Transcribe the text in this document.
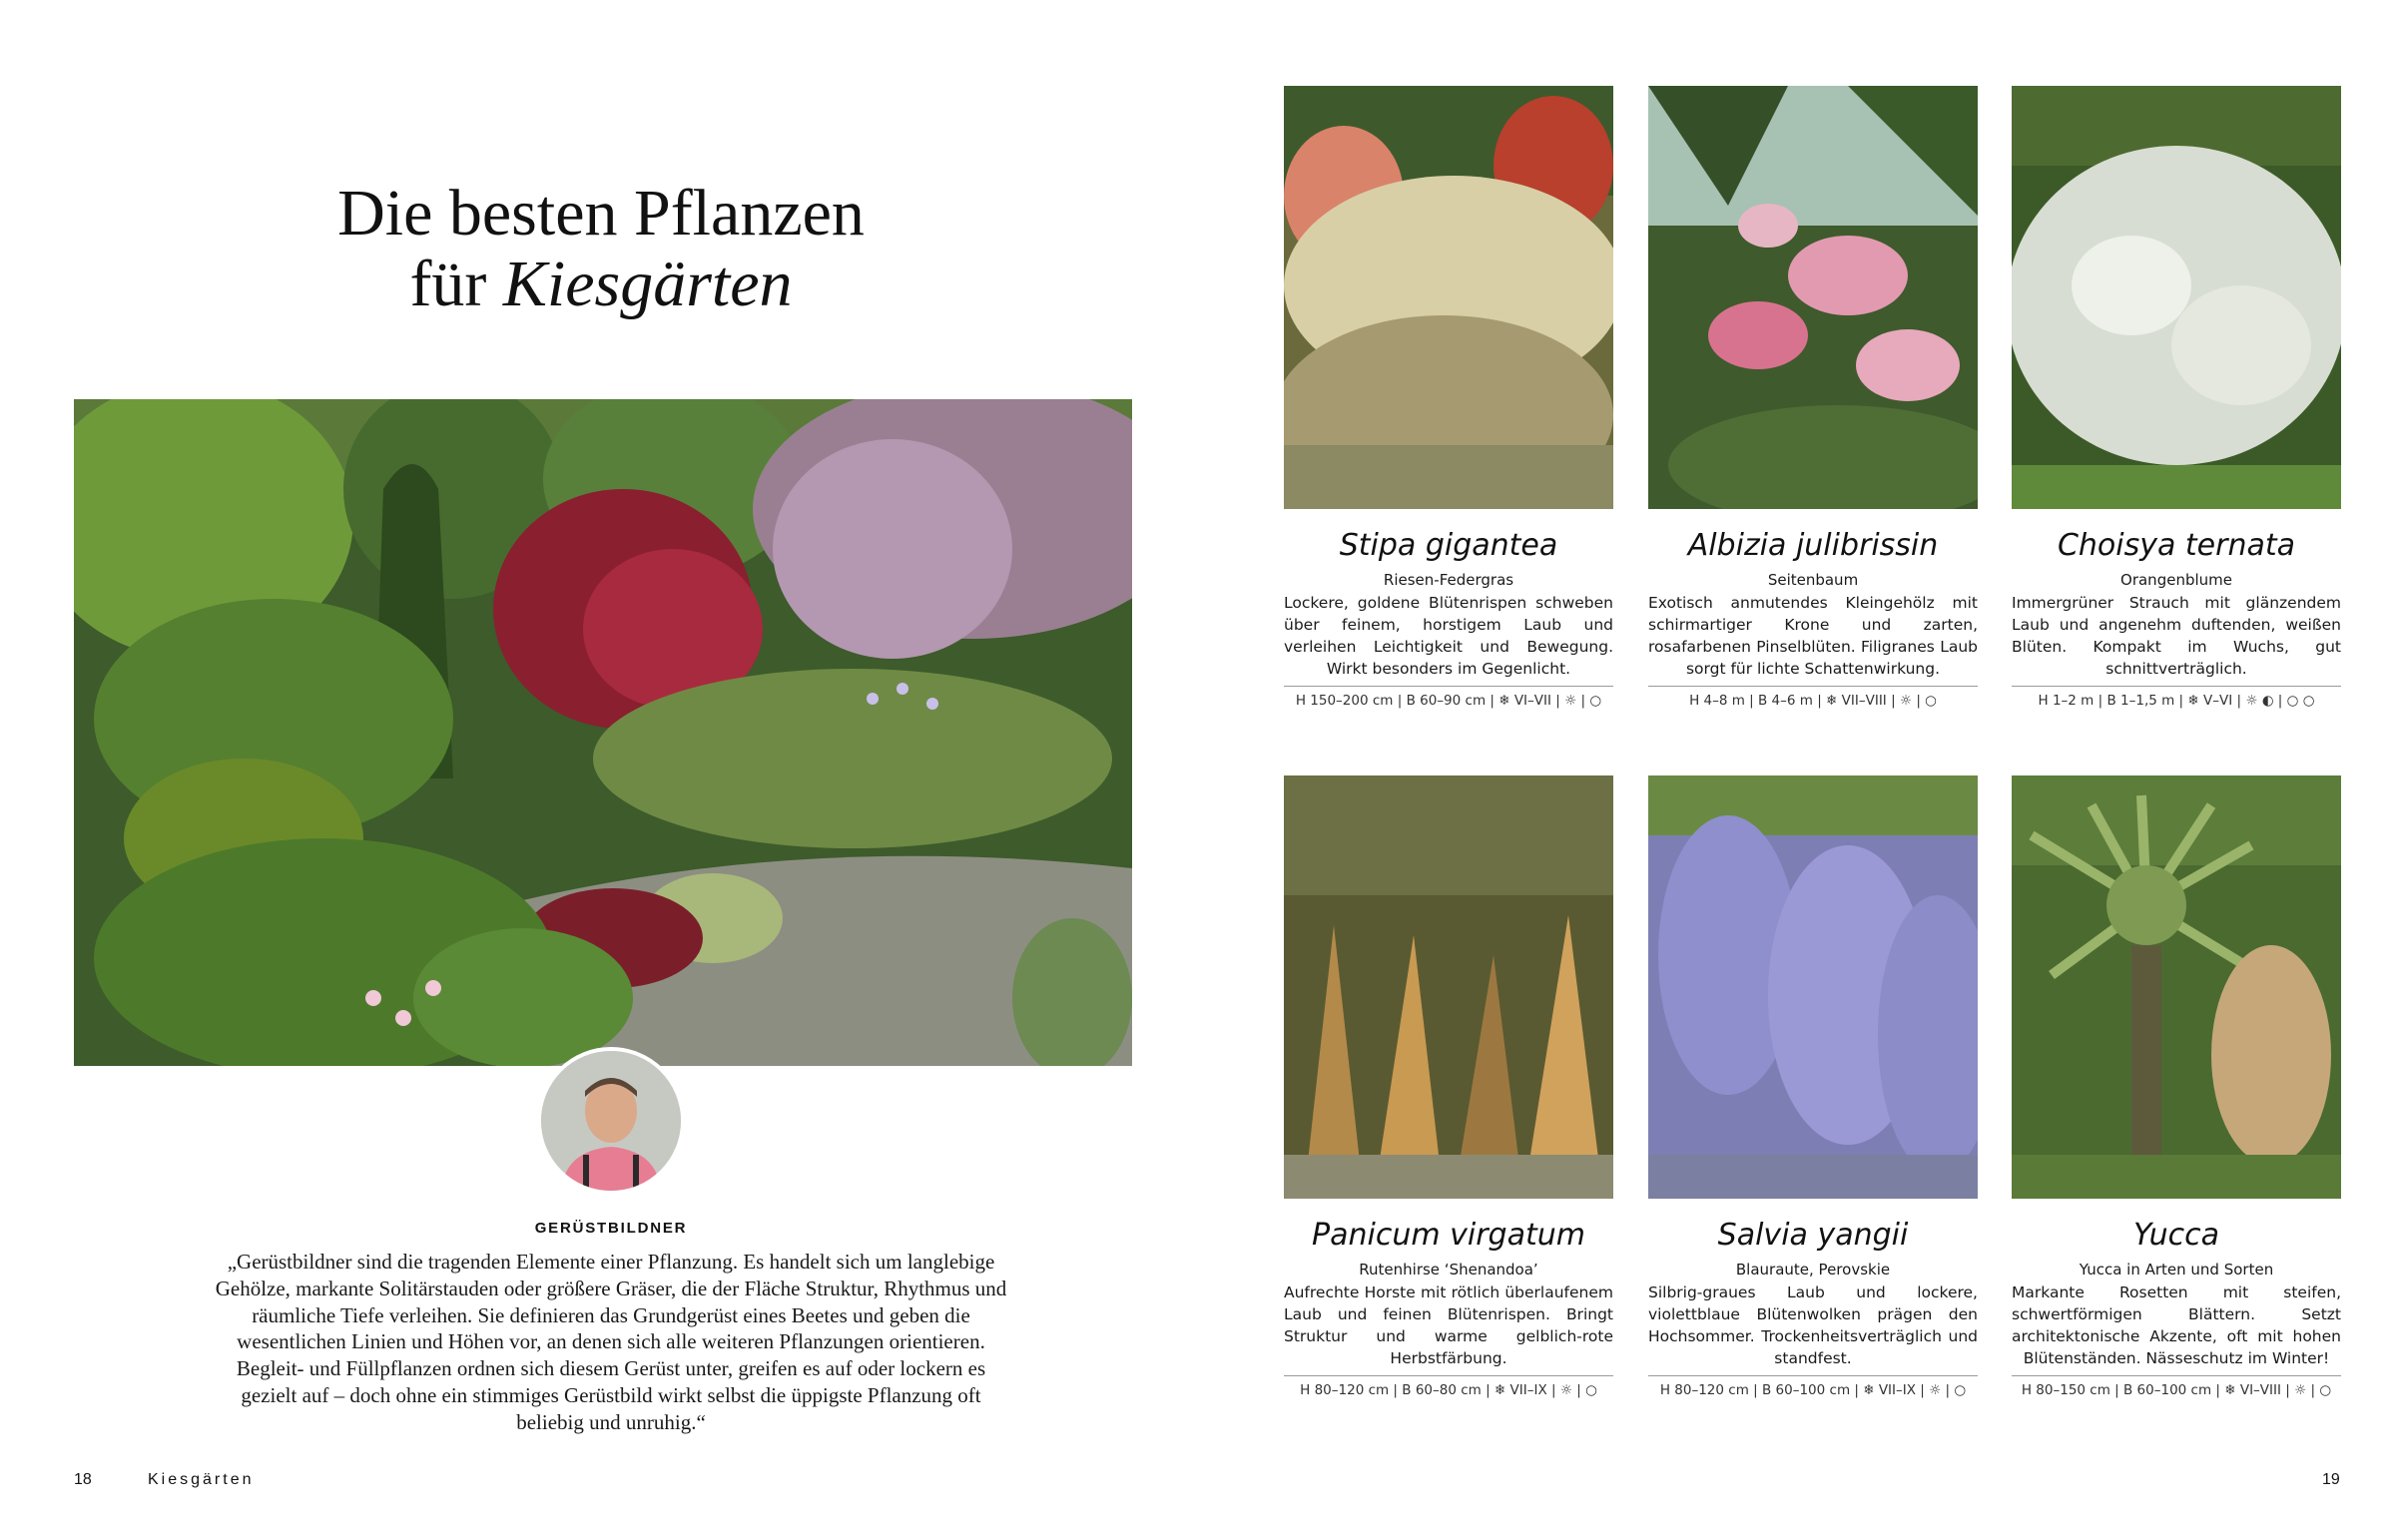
Die besten Pflanzen
für Kiesgärten
GERÜSTBILDNER

„Gerüstbildner sind die tragenden Elemente einer Pflanzung. Es handelt sich um langlebige Gehölze, markante Solitärstauden oder größere Gräser, die der Fläche Struktur, Rhythmus und räumliche Tiefe verleihen. Sie definieren das Grundgerüst eines Beetes und geben die wesentlichen Linien und Höhen vor, an denen sich alle weiteren Pflanzungen orientieren. Begleit- und Füllpflanzen ordnen sich diesem Gerüst unter, greifen es auf oder lockern es gezielt auf – doch ohne ein stimmiges Gerüstbild wirkt selbst die üppigste Pflanzung oft beliebig und unruhig.“

18	Kiesgärten
Stipa gigantea
Riesen-Federgras

Lockere, goldene Blütenrispen schweben über feinem, horstigem Laub und verleihen Leichtigkeit und Bewegung. Wirkt besonders im Gegenlicht.

H 150–200 cm | B 60–90 cm | ❄ VI–VII | ☼ | ○
Albizia julibrissin
Seitenbaum

Exotisch anmutendes Kleingehölz mit schirmartiger Krone und zarten, rosafarbenen Pinselblüten. Filigranes Laub sorgt für lichte Schattenwirkung.

H 4–8 m | B 4–6 m | ❄ VII–VIII | ☼ | ○
Choisya ternata
Orangenblume

Immergrüner Strauch mit glänzendem Laub und angenehm duftenden, weißen Blüten. Kompakt im Wuchs, gut schnittverträglich.

H 1–2 m | B 1–1,5 m | ❄ V–VI | ☼ ◐ | ○ ○
Panicum virgatum
Rutenhirse ‘Shenandoa’

Aufrechte Horste mit rötlich überlaufenem Laub und feinen Blütenrispen. Bringt Struktur und warme gelblich-rote Herbstfärbung.

H 80–120 cm | B 60–80 cm | ❄ VII–IX | ☼ | ○
Salvia yangii
Blauraute, Perovskie

Silbrig-graues Laub und lockere, violettblaue Blütenwolken prägen den Hochsommer. Trockenheitsverträglich und standfest.

H 80–120 cm | B 60–100 cm | ❄ VII–IX | ☼ | ○
Yucca
Yucca in Arten und Sorten

Markante Rosetten mit steifen, schwertförmigen Blättern. Setzt architektonische Akzente, oft mit hohen Blütenständen. Nässeschutz im Winter!

H 80–150 cm | B 60–100 cm | ❄ VI–VIII | ☼ | ○
19
